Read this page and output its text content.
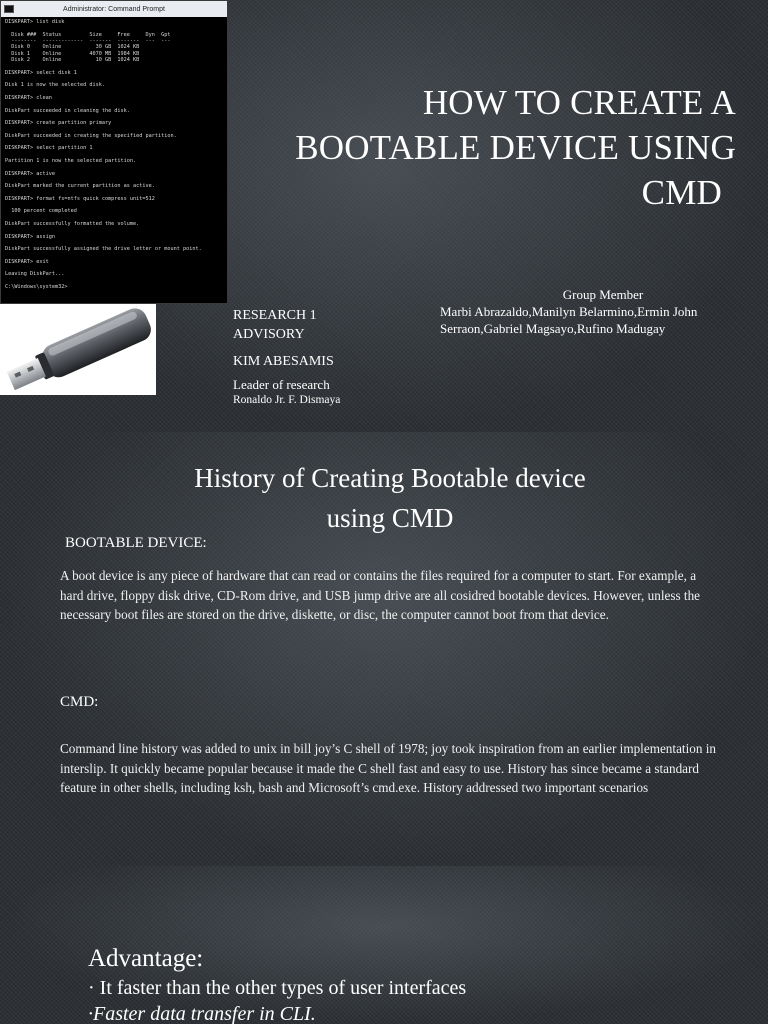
Administrator: Command Prompt
DISKPART> list disk
Disk ###  Status         Size     Free     Dyn  Gpt
--------  -------------  -------  -------  ---  ---
Disk 0    Online           30 GB  1024 KB
Disk 1    Online         4070 MB  1984 KB
Disk 2    Online           10 GB  1024 KB
DISKPART> select disk 1
Disk 1 is now the selected disk.
DISKPART> clean
DiskPart succeeded in cleaning the disk.
DISKPART> create partition primary
DiskPart succeeded in creating the specified partition.
DISKPART> select partition 1
Partition 1 is now the selected partition.
DISKPART> active
DiskPart marked the current partition as active.
DISKPART> format fs=ntfs quick compress unit=512
100 percent completed
DiskPart successfully formatted the volume.
DISKPART> assign
DiskPart successfully assigned the drive letter or mount point.
DISKPART> exit
Leaving DiskPart...
C:\Windows\system32>
HOW TO CREATE A
BOOTABLE DEVICE USING
CMD
RESEARCH 1
ADVISORY
KIM ABESAMIS
Leader of research
Ronaldo Jr. F. Dismaya
Group Member
Marbi Abrazaldo,Manilyn Belarmino,Ermin John
Serraon,Gabriel Magsayo,Rufino Madugay
History of Creating Bootable device
using CMD
BOOTABLE DEVICE:
A boot device is any piece of hardware that can read or contains the files required for a computer to start. For example, a hard drive, floppy disk drive, CD-Rom drive, and USB jump drive are all cosidred bootable devices. However, unless the necessary boot files are stored on the drive, diskette, or disc, the computer cannot boot from that device.
CMD:
Command line history was added to unix in bill joy’s C shell of 1978; joy took inspiration from an earlier implementation in interslip. It quickly became popular because it made the C shell fast and easy to use. History has since became a standard feature in other shells, including ksh, bash and Microsoft’s cmd.exe. History addressed two important scenarios
Advantage:
· It faster than the other types of user interfaces
·Faster data transfer in CLI.
